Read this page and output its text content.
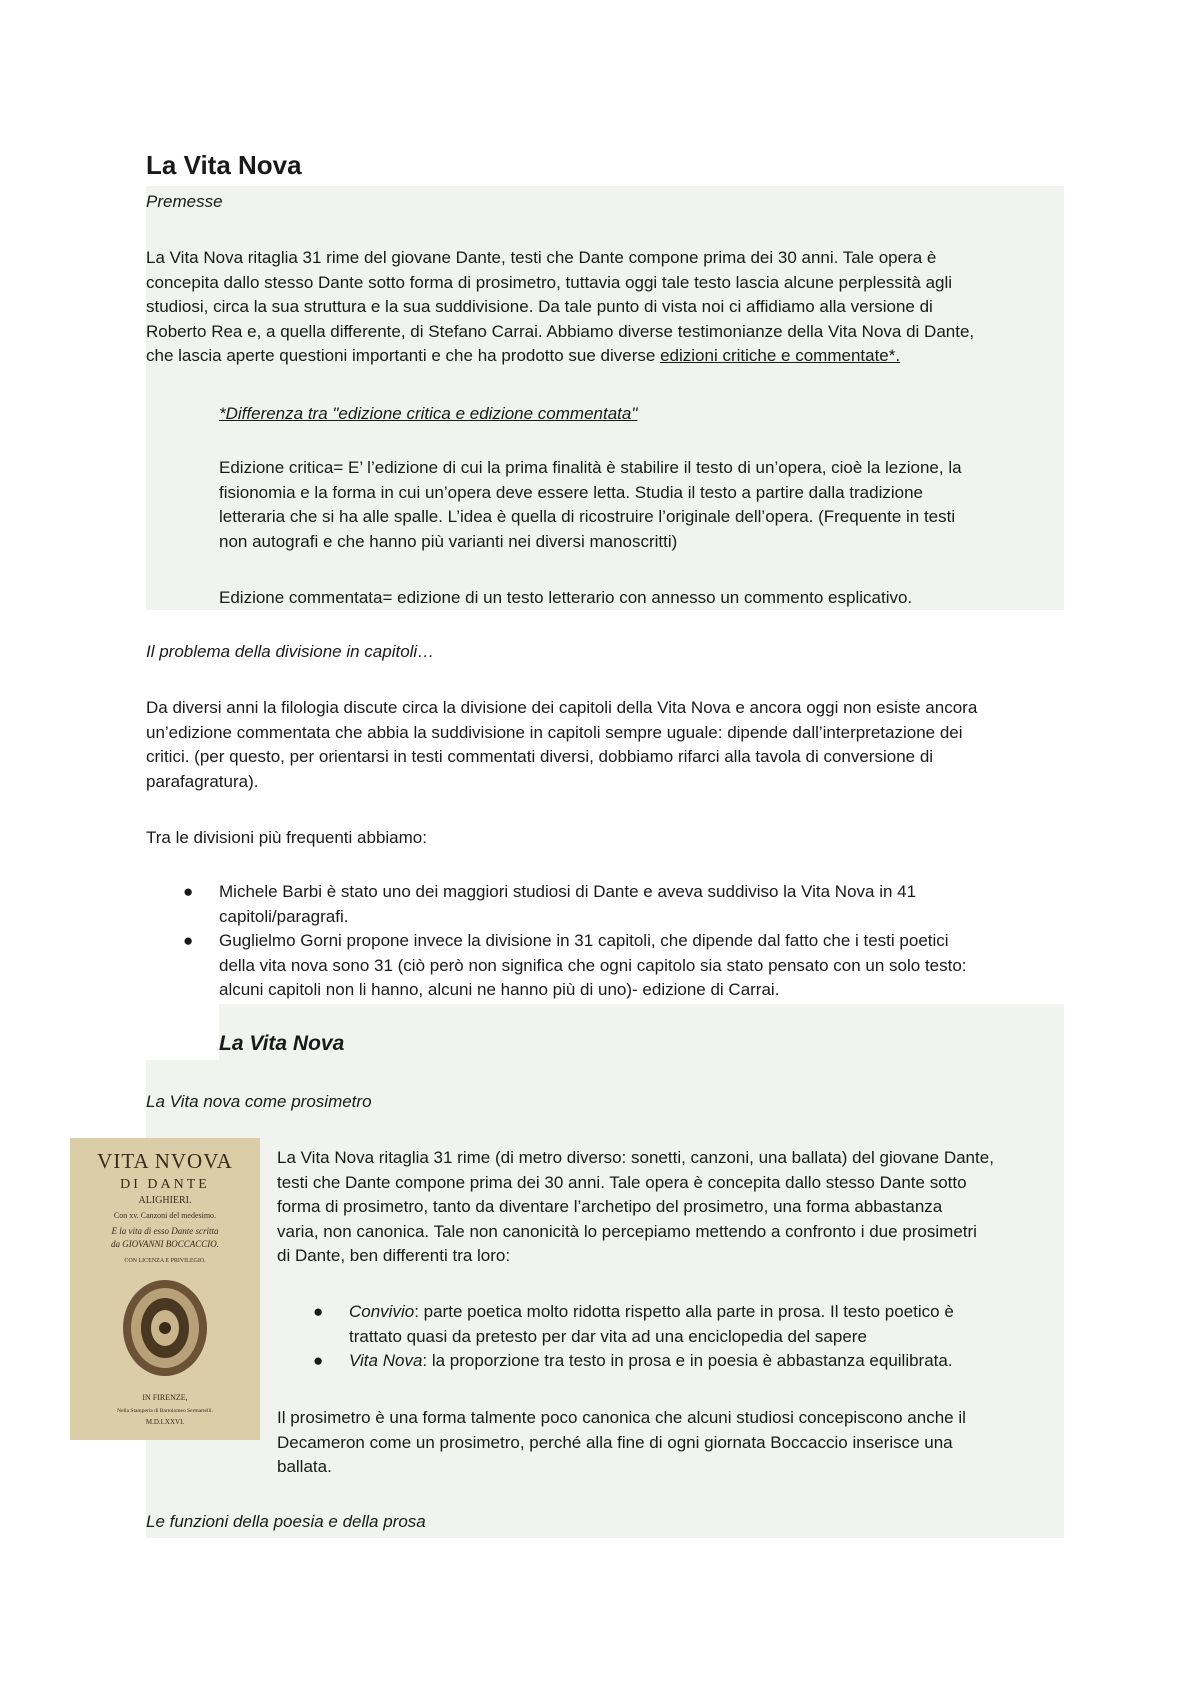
La Vita Nova
Premesse
La Vita Nova ritaglia 31 rime del giovane Dante, testi che Dante compone prima dei 30 anni. Tale opera è
concepita dallo stesso Dante sotto forma di prosimetro, tuttavia oggi tale testo lascia alcune perplessità agli
studiosi, circa la sua struttura e la sua suddivisione. Da tale punto di vista noi ci affidiamo alla versione di
Roberto Rea e, a quella differente, di Stefano Carrai. Abbiamo diverse testimonianze della Vita Nova di Dante,
che lascia aperte questioni importanti e che ha prodotto sue diverse edizioni critiche e commentate*.
*Differenza tra "edizione critica e edizione commentata"
Edizione critica= E’ l’edizione di cui la prima finalità è stabilire il testo di un’opera, cioè la lezione, la
fisionomia e la forma in cui un’opera deve essere letta. Studia il testo a partire dalla tradizione
letteraria che si ha alle spalle. L’idea è quella di ricostruire l’originale dell’opera. (Frequente in testi
non autografi e che hanno più varianti nei diversi manoscritti)
Edizione commentata= edizione di un testo letterario con annesso un commento esplicativo.
Il problema della divisione in capitoli…
Da diversi anni la filologia discute circa la divisione dei capitoli della Vita Nova e ancora oggi non esiste ancora
un’edizione commentata che abbia la suddivisione in capitoli sempre uguale: dipende dall’interpretazione dei
critici. (per questo, per orientarsi in testi commentati diversi, dobbiamo rifarci alla tavola di conversione di
parafagratura).
Tra le divisioni più frequenti abbiamo:
● Michele Barbi è stato uno dei maggiori studiosi di Dante e aveva suddiviso la Vita Nova in 41
capitoli/paragrafi.
● Guglielmo Gorni propone invece la divisione in 31 capitoli, che dipende dal fatto che i testi poetici
della vita nova sono 31 (ciò però non significa che ogni capitolo sia stato pensato con un solo testo:
alcuni capitoli non li hanno, alcuni ne hanno più di uno)- edizione di Carrai.
La Vita Nova
La Vita nova come prosimetro
VITA NVOVA
DI DANTE
ALIGHIERI.
Con xv. Canzoni del medesimo.
E la vita di esso Dante scritta
da GIOVANNI BOCCACCIO.
CON LICENZA E PRIVILEGIO.
IN FIRENZE,
Nella Stamperia di Bartolomeo Sermartelli.
M.D.LXXVI.
La Vita Nova ritaglia 31 rime (di metro diverso: sonetti, canzoni, una ballata) del giovane Dante,
testi che Dante compone prima dei 30 anni. Tale opera è concepita dallo stesso Dante sotto
forma di prosimetro, tanto da diventare l’archetipo del prosimetro, una forma abbastanza
varia, non canonica. Tale non canonicità lo percepiamo mettendo a confronto i due prosimetri
di Dante, ben differenti tra loro:
● Convivio: parte poetica molto ridotta rispetto alla parte in prosa. Il testo poetico è
trattato quasi da pretesto per dar vita ad una enciclopedia del sapere
● Vita Nova: la proporzione tra testo in prosa e in poesia è abbastanza equilibrata.
Il prosimetro è una forma talmente poco canonica che alcuni studiosi concepiscono anche il
Decameron come un prosimetro, perché alla fine di ogni giornata Boccaccio inserisce una
ballata.
Le funzioni della poesia e della prosa
